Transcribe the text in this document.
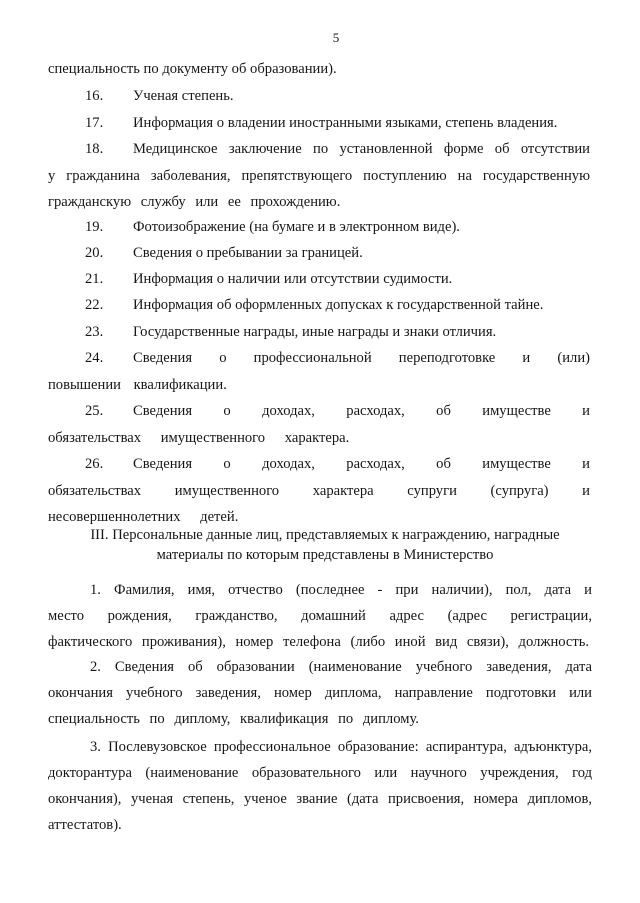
5
специальность по документу об образовании).
16. Ученая степень.
17. Информация о владении иностранными языками, степень владения.
18. Медицинское заключение по установленной форме об отсутствии у гражданина заболевания, препятствующего поступлению на государственную гражданскую службу или ее прохождению.
19. Фотоизображение (на бумаге и в электронном виде).
20. Сведения о пребывании за границей.
21. Информация о наличии или отсутствии судимости.
22. Информация об оформленных допусках к государственной тайне.
23. Государственные награды, иные награды и знаки отличия.
24. Сведения о профессиональной переподготовке и (или) повышении квалификации.
25. Сведения о доходах, расходах, об имуществе и обязательствах имущественного характера.
26. Сведения о доходах, расходах, об имуществе и обязательствах имущественного характера супруги (супруга) и несовершеннолетних детей.
III. Персональные данные лиц, представляемых к награждению, наградные
материалы по которым представлены в Министерство
1. Фамилия, имя, отчество (последнее - при наличии), пол, дата и место рождения, гражданство, домашний адрес (адрес регистрации, фактического проживания), номер телефона (либо иной вид связи), должность.
2. Сведения об образовании (наименование учебного заведения, дата окончания учебного заведения, номер диплома, направление подготовки или специальность по диплому, квалификация по диплому.
3. Послевузовское профессиональное образование: аспирантура, адъюнктура, докторантура (наименование образовательного или научного учреждения, год окончания), ученая степень, ученое звание (дата присвоения, номера дипломов, аттестатов).
